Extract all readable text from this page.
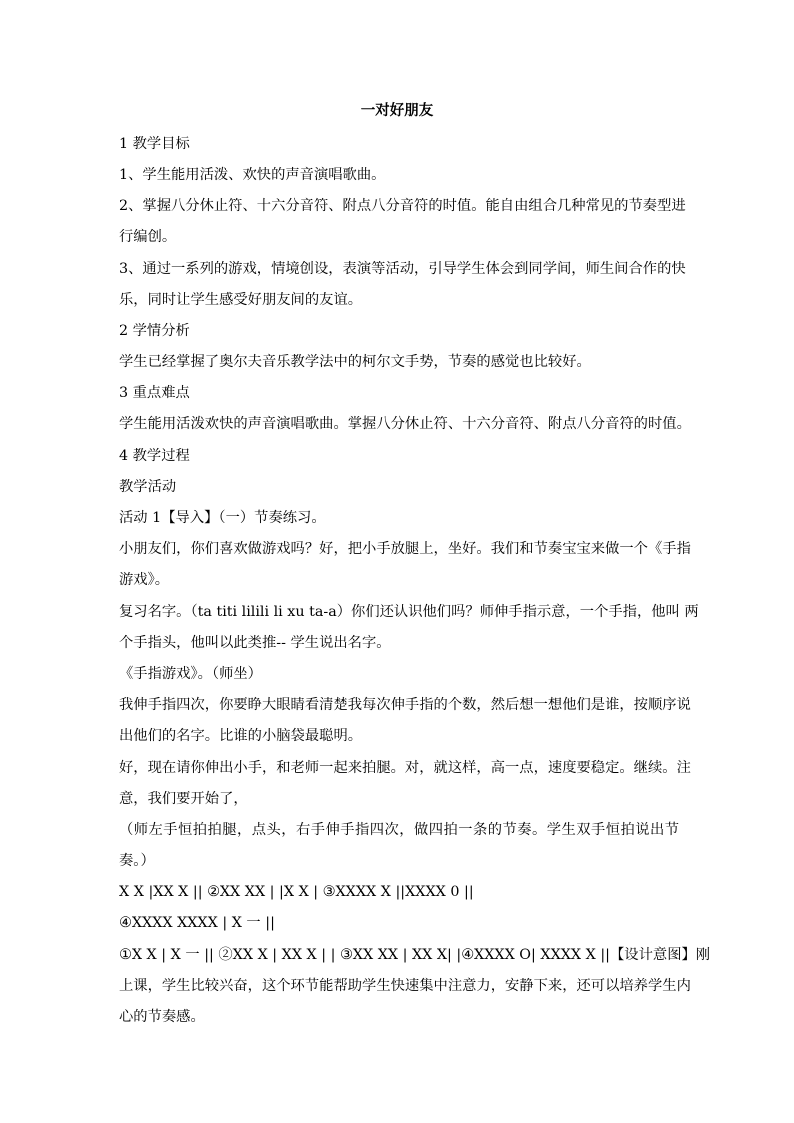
一对好朋友
1 教学目标
1、学生能用活泼、欢快的声音演唱歌曲。
2、掌握八分休止符、十六分音符、附点八分音符的时值。能自由组合几种常见的节奏型进
行编创。
3、通过一系列的游戏，情境创设，表演等活动，引导学生体会到同学间，师生间合作的快
乐，同时让学生感受好朋友间的友谊。
2 学情分析
学生已经掌握了奥尔夫音乐教学法中的柯尔文手势，节奏的感觉也比较好。
3 重点难点
学生能用活泼欢快的声音演唱歌曲。掌握八分休止符、十六分音符、附点八分音符的时值。
4 教学过程
教学活动
活动 1【导入】（一）节奏练习。
小朋友们，你们喜欢做游戏吗？好，把小手放腿上，坐好。我们和节奏宝宝来做一个《手指
游戏》。
复习名字。（ta titi lilili li xu ta-a）你们还认识他们吗？师伸手指示意，一个手指，他叫 两
个手指头，他叫以此类推-- 学生说出名字。
《手指游戏》。（师坐）
我伸手指四次，你要睁大眼睛看清楚我每次伸手指的个数，然后想一想他们是谁，按顺序说
出他们的名字。比谁的小脑袋最聪明。
好，现在请你伸出小手，和老师一起来拍腿。对，就这样，高一点，速度要稳定。继续。注
意，我们要开始了，
（师左手恒拍拍腿，点头，右手伸手指四次，做四拍一条的节奏。学生双手恒拍说出节
奏。）
X X |XX X || ②XX XX | |X X | ③XXXX X ||XXXX 0 ||
④XXXX XXXX | X 一 ||
①X X | X 一 || ②XX X | XX X | | ③XX XX | XX X| |④XXXX O| XXXX X ||【设计意图】刚
上课，学生比较兴奋，这个环节能帮助学生快速集中注意力，安静下来，还可以培养学生内
心的节奏感。
